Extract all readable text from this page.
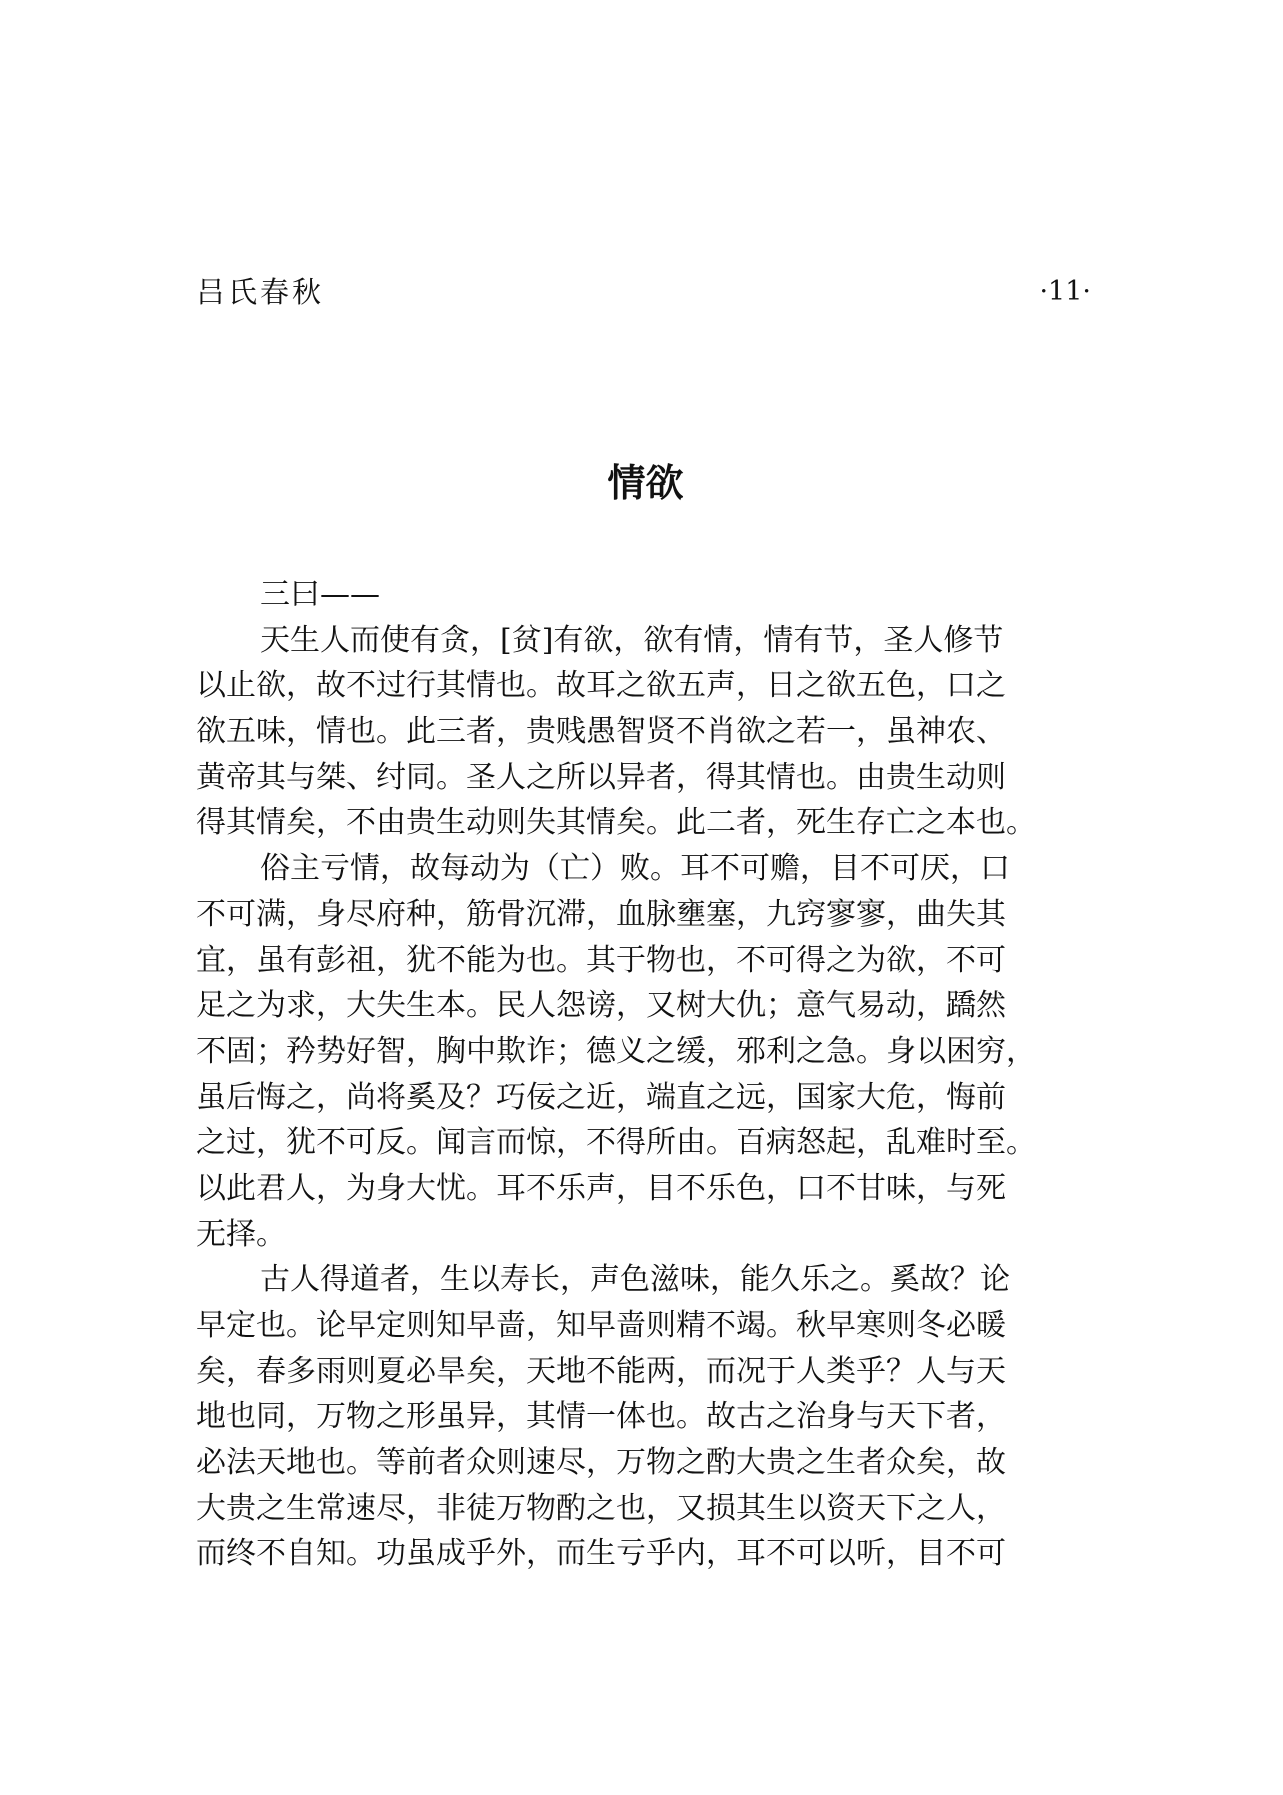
吕氏春秋	·11·
情欲
三曰——
天生人而使有贪，[贫]有欲，欲有情，情有节，圣人修节
以止欲，故不过行其情也。故耳之欲五声，日之欲五色，口之
欲五味，情也。此三者，贵贱愚智贤不肖欲之若一，虽神农、
黄帝其与桀、纣同。圣人之所以异者，得其情也。由贵生动则
得其情矣，不由贵生动则失其情矣。此二者，死生存亡之本也。
俗主亏情，故每动为（亡）败。耳不可赡，目不可厌，口
不可满，身尽府种，筋骨沉滞，血脉壅塞，九窍寥寥，曲失其
宜，虽有彭祖，犹不能为也。其于物也，不可得之为欲，不可
足之为求，大失生本。民人怨谤，又树大仇；意气易动，蹻然
不固；矜势好智，胸中欺诈；德义之缓，邪利之急。身以困穷，
虽后悔之，尚将奚及？巧佞之近，端直之远，国家大危，悔前
之过，犹不可反。闻言而惊，不得所由。百病怒起，乱难时至。
以此君人，为身大忧。耳不乐声，目不乐色，口不甘味，与死
无择。
古人得道者，生以寿长，声色滋味，能久乐之。奚故？论
早定也。论早定则知早啬，知早啬则精不竭。秋早寒则冬必暖
矣，春多雨则夏必旱矣，天地不能两，而况于人类乎？人与天
地也同，万物之形虽异，其情一体也。故古之治身与天下者，
必法天地也。等前者众则速尽，万物之酌大贵之生者众矣，故
大贵之生常速尽，非徒万物酌之也，又损其生以资天下之人，
而终不自知。功虽成乎外，而生亏乎内，耳不可以听，目不可
